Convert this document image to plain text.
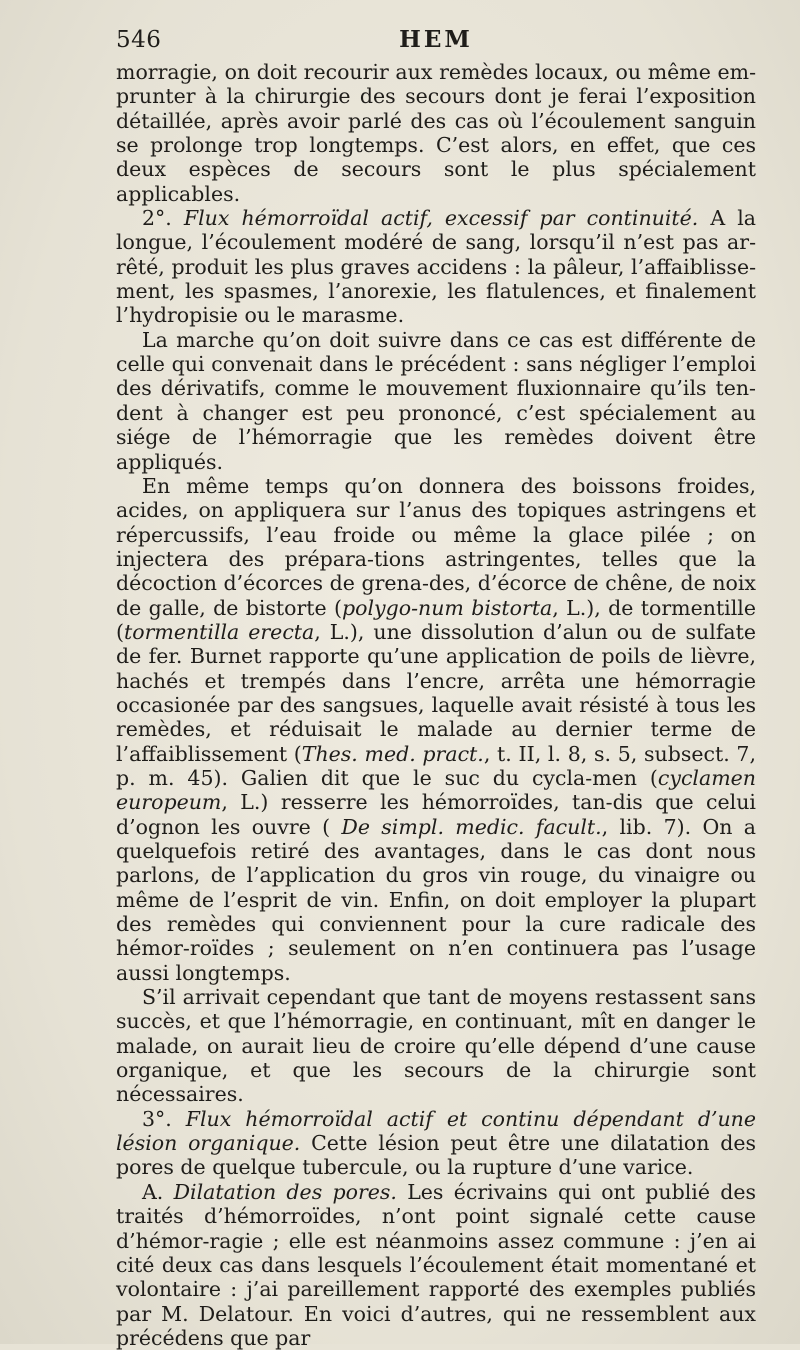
546	HEM

morragie, on doit recourir aux remèdes locaux, ou même em-prunter à la chirurgie des secours dont je ferai l’exposition détaillée, après avoir parlé des cas où l’écoulement sanguin se prolonge trop longtemps. C’est alors, en effet, que ces deux espèces de secours sont le plus spécialement applicables.

2°. Flux hémorroïdal actif, excessif par continuité. A la longue, l’écoulement modéré de sang, lorsqu’il n’est pas ar-rêté, produit les plus graves accidens : la pâleur, l’affaiblisse-ment, les spasmes, l’anorexie, les flatulences, et finalement l’hydropisie ou le marasme.

La marche qu’on doit suivre dans ce cas est différente de celle qui convenait dans le précédent : sans négliger l’emploi des dérivatifs, comme le mouvement fluxionnaire qu’ils ten-dent à changer est peu prononcé, c’est spécialement au siége de l’hémorragie que les remèdes doivent être appliqués.

En même temps qu’on donnera des boissons froides, acides, on appliquera sur l’anus des topiques astringens et répercussifs, l’eau froide ou même la glace pilée ; on injectera des prépara-tions astringentes, telles que la décoction d’écorces de grena-des, d’écorce de chêne, de noix de galle, de bistorte (polygo-num bistorta, L.), de tormentille (tormentilla erecta, L.), une dissolution d’alun ou de sulfate de fer. Burnet rapporte qu’une application de poils de lièvre, hachés et trempés dans l’encre, arrêta une hémorragie occasionée par des sangsues, laquelle avait résisté à tous les remèdes, et réduisait le malade au dernier terme de l’affaiblissement (Thes. med. pract., t. II, l. 8, s. 5, subsect. 7, p. m. 45). Galien dit que le suc du cycla-men (cyclamen europeum, L.) resserre les hémorroïdes, tan-dis que celui d’ognon les ouvre ( De simpl. medic. facult., lib. 7). On a quelquefois retiré des avantages, dans le cas dont nous parlons, de l’application du gros vin rouge, du vinaigre ou même de l’esprit de vin. Enfin, on doit employer la plupart des remèdes qui conviennent pour la cure radicale des hémor-roïdes ; seulement on n’en continuera pas l’usage aussi longtemps.

S’il arrivait cependant que tant de moyens restassent sans succès, et que l’hémorragie, en continuant, mît en danger le malade, on aurait lieu de croire qu’elle dépend d’une cause organique, et que les secours de la chirurgie sont nécessaires.

3°. Flux hémorroïdal actif et continu dépendant d’une lésion organique. Cette lésion peut être une dilatation des pores de quelque tubercule, ou la rupture d’une varice.

A. Dilatation des pores. Les écrivains qui ont publié des traités d’hémorroïdes, n’ont point signalé cette cause d’hémor-ragie ; elle est néanmoins assez commune : j’en ai cité deux cas dans lesquels l’écoulement était momentané et volontaire : j’ai pareillement rapporté des exemples publiés par M. Delatour. En voici d’autres, qui ne ressemblent aux précédens que par
